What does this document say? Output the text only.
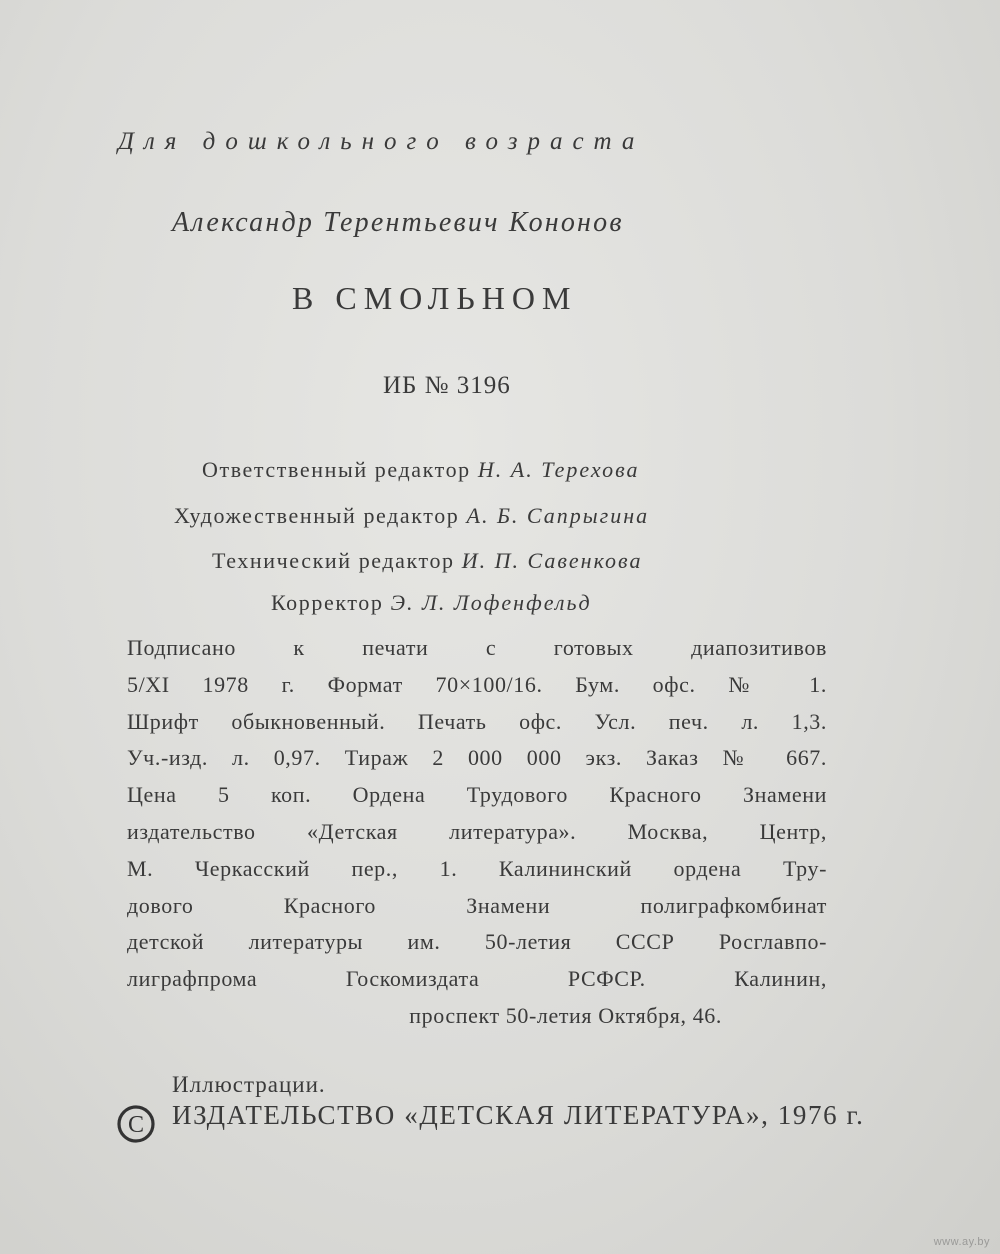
Для дошкольного возраста
Александр Терентьевич Кононов
В СМОЛЬНОМ
ИБ № 3196
Ответственный редактор Н. А. Терехова
Художественный редактор А. Б. Сапрыгина
Технический редактор И. П. Савенкова
Корректор Э. Л. Лофенфельд
Подписано к печати с готовых диапозитивов
5/XI 1978 г. Формат 70×100/16. Бум. офс. № 1.
Шрифт обыкновенный. Печать офс. Усл. печ. л. 1,3.
Уч.-изд. л. 0,97. Тираж 2 000 000 экз. Заказ № 667.
Цена 5 коп. Ордена Трудового Красного Знамени
издательство «Детская литература». Москва, Центр,
М. Черкасский пер., 1. Калининский ордена Тру-
дового Красного Знамени полиграфкомбинат
детской литературы им. 50-летия СССР Росглавпо-
лиграфпрома Госкомиздата РСФСР. Калинин,
проспект 50-летия Октября, 46.
Иллюстрации.
C ИЗДАТЕЛЬСТВО «ДЕТСКАЯ ЛИТЕРАТУРА», 1976 г.
www.ay.by
